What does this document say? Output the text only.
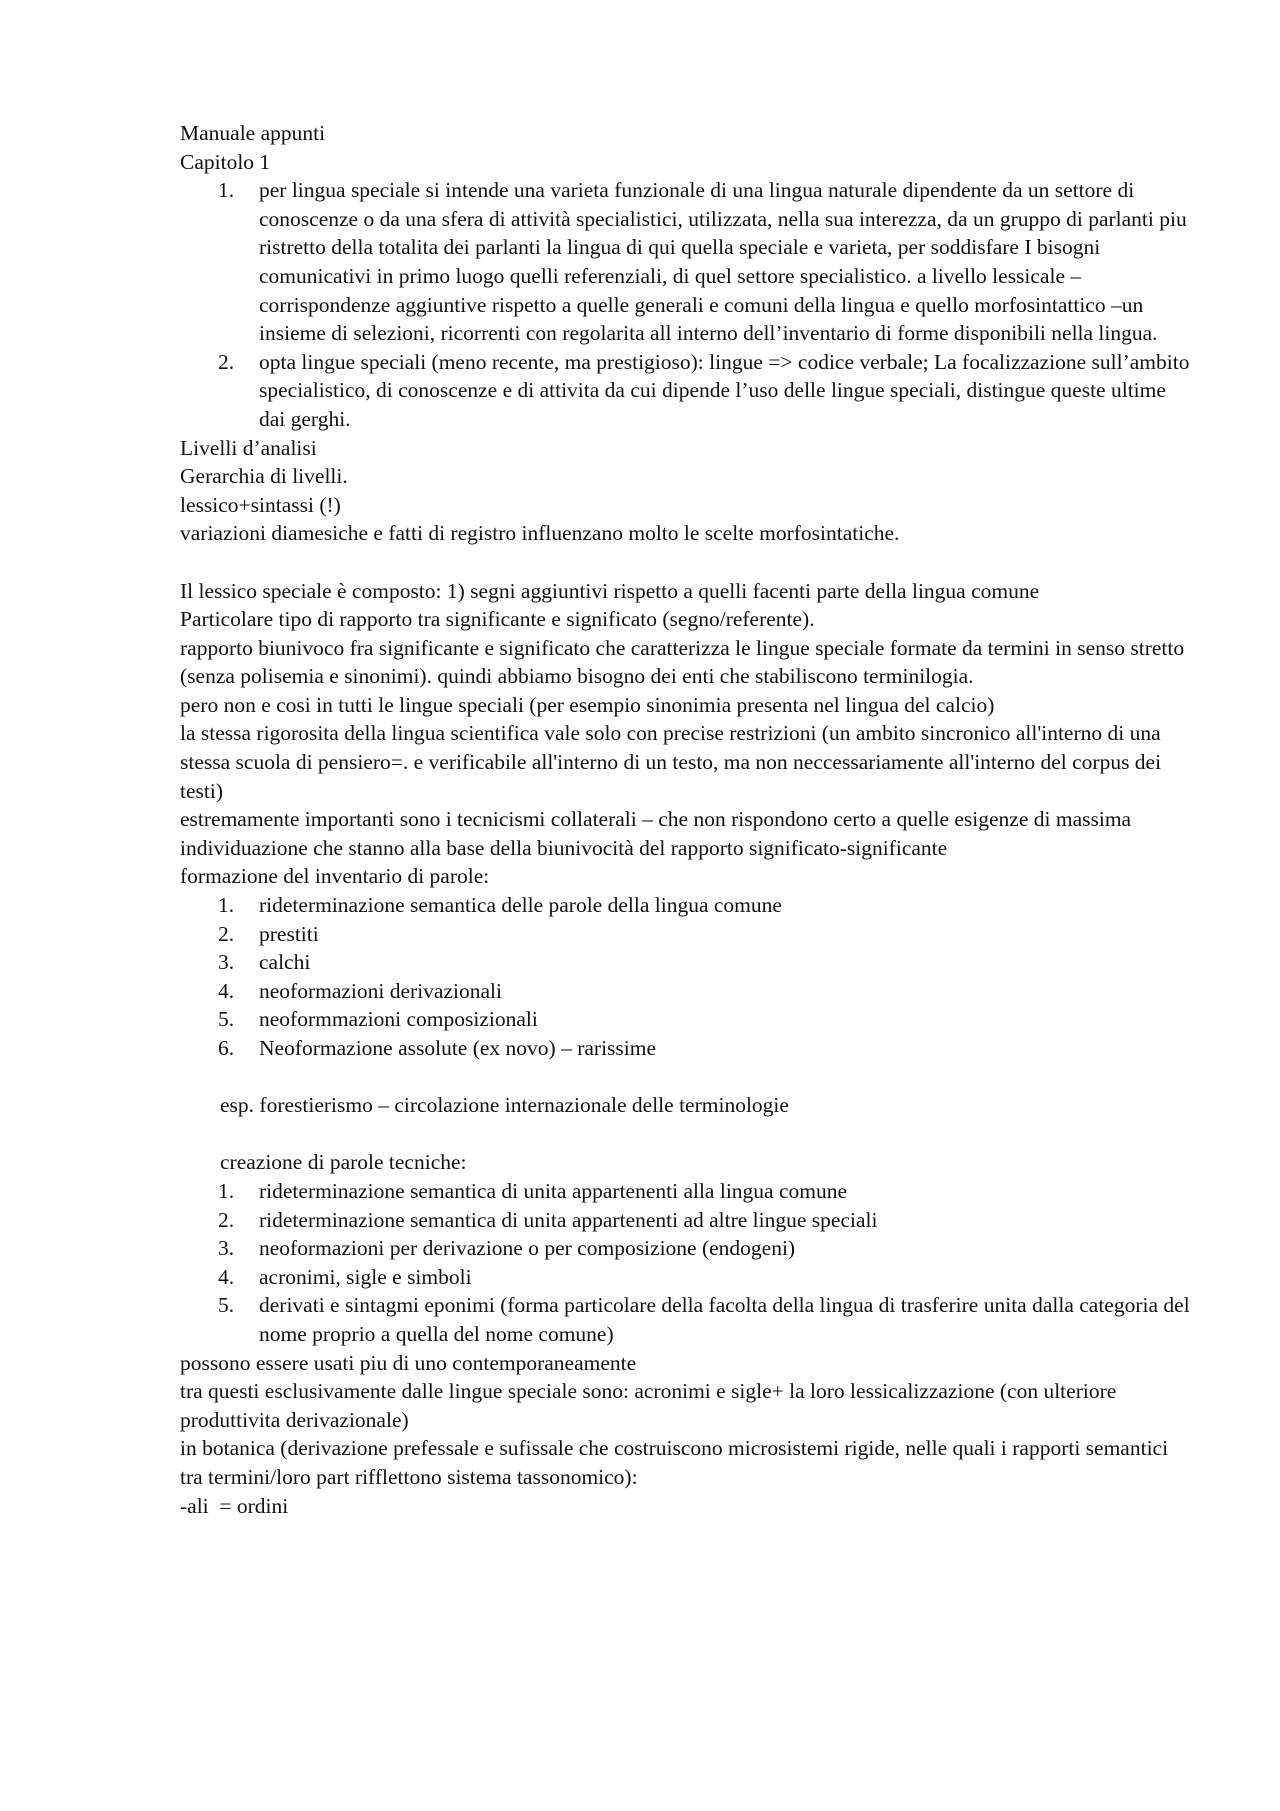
Manuale appunti

Capitolo 1

1.	per lingua speciale si intende una varieta funzionale di una lingua naturale dipendente da un settore di conoscenze o da una sfera di attività specialistici, utilizzata, nella sua interezza, da un gruppo di parlanti piu ristretto della totalita dei parlanti la lingua di qui quella speciale e varieta, per soddisfare I bisogni comunicativi in primo luogo quelli referenziali, di quel settore specialistico. a livello lessicale – corrispondenze aggiuntive rispetto a quelle generali e comuni della lingua e quello morfosintattico –un insieme di selezioni, ricorrenti con regolarita all interno dell’inventario di forme disponibili nella lingua.
2.	opta lingue speciali (meno recente, ma prestigioso): lingue => codice verbale; La focalizzazione sull’ambito specialistico, di conoscenze e di attivita da cui dipende l’uso delle lingue speciali, distingue queste ultime dai gerghi.

Livelli d’analisi

Gerarchia di livelli.

lessico+sintassi (!)

variazioni diamesiche e fatti di registro influenzano molto le scelte morfosintatiche.

Il lessico speciale è composto: 1) segni aggiuntivi rispetto a quelli facenti parte della lingua comune

Particolare tipo di rapporto tra significante e significato (segno/referente).

rapporto biunivoco fra significante e significato che caratterizza le lingue speciale formate da termini in senso stretto (senza polisemia e sinonimi). quindi abbiamo bisogno dei enti che stabiliscono terminilogia.

pero non e cosi in tutti le lingue speciali (per esempio sinonimia presenta nel lingua del calcio)

la stessa rigorosita della lingua scientifica vale solo con precise restrizioni (un ambito sincronico all'interno di una stessa scuola di pensiero=. e verificabile all'interno di un testo, ma non neccessariamente all'interno del corpus dei testi)

estremamente importanti sono i tecnicismi collaterali – che non rispondono certo a quelle esigenze di massima individuazione che stanno alla base della biunivocità del rapporto significato-significante

formazione del inventario di parole:

1.	rideterminazione semantica delle parole della lingua comune
2.	prestiti
3.	calchi
4.	neoformazioni derivazionali
5.	neoformmazioni composizionali
6.	Neoformazione assolute (ex novo) – rarissime

esp. forestierismo – circolazione internazionale delle terminologie

creazione di parole tecniche:

1.	rideterminazione semantica di unita appartenenti alla lingua comune
2.	rideterminazione semantica di unita appartenenti ad altre lingue speciali
3.	neoformazioni per derivazione o per composizione (endogeni)
4.	acronimi, sigle e simboli
5.	derivati e sintagmi eponimi (forma particolare della facolta della lingua di trasferire unita dalla categoria del nome proprio a quella del nome comune)

possono essere usati piu di uno contemporaneamente

tra questi esclusivamente dalle lingue speciale sono: acronimi e sigle+ la loro lessicalizzazione (con ulteriore produttivita derivazionale)

in botanica (derivazione prefessale e sufissale che costruiscono microsistemi rigide, nelle quali i rapporti semantici tra termini/loro part rifflettono sistema tassonomico):

-ali  = ordini
